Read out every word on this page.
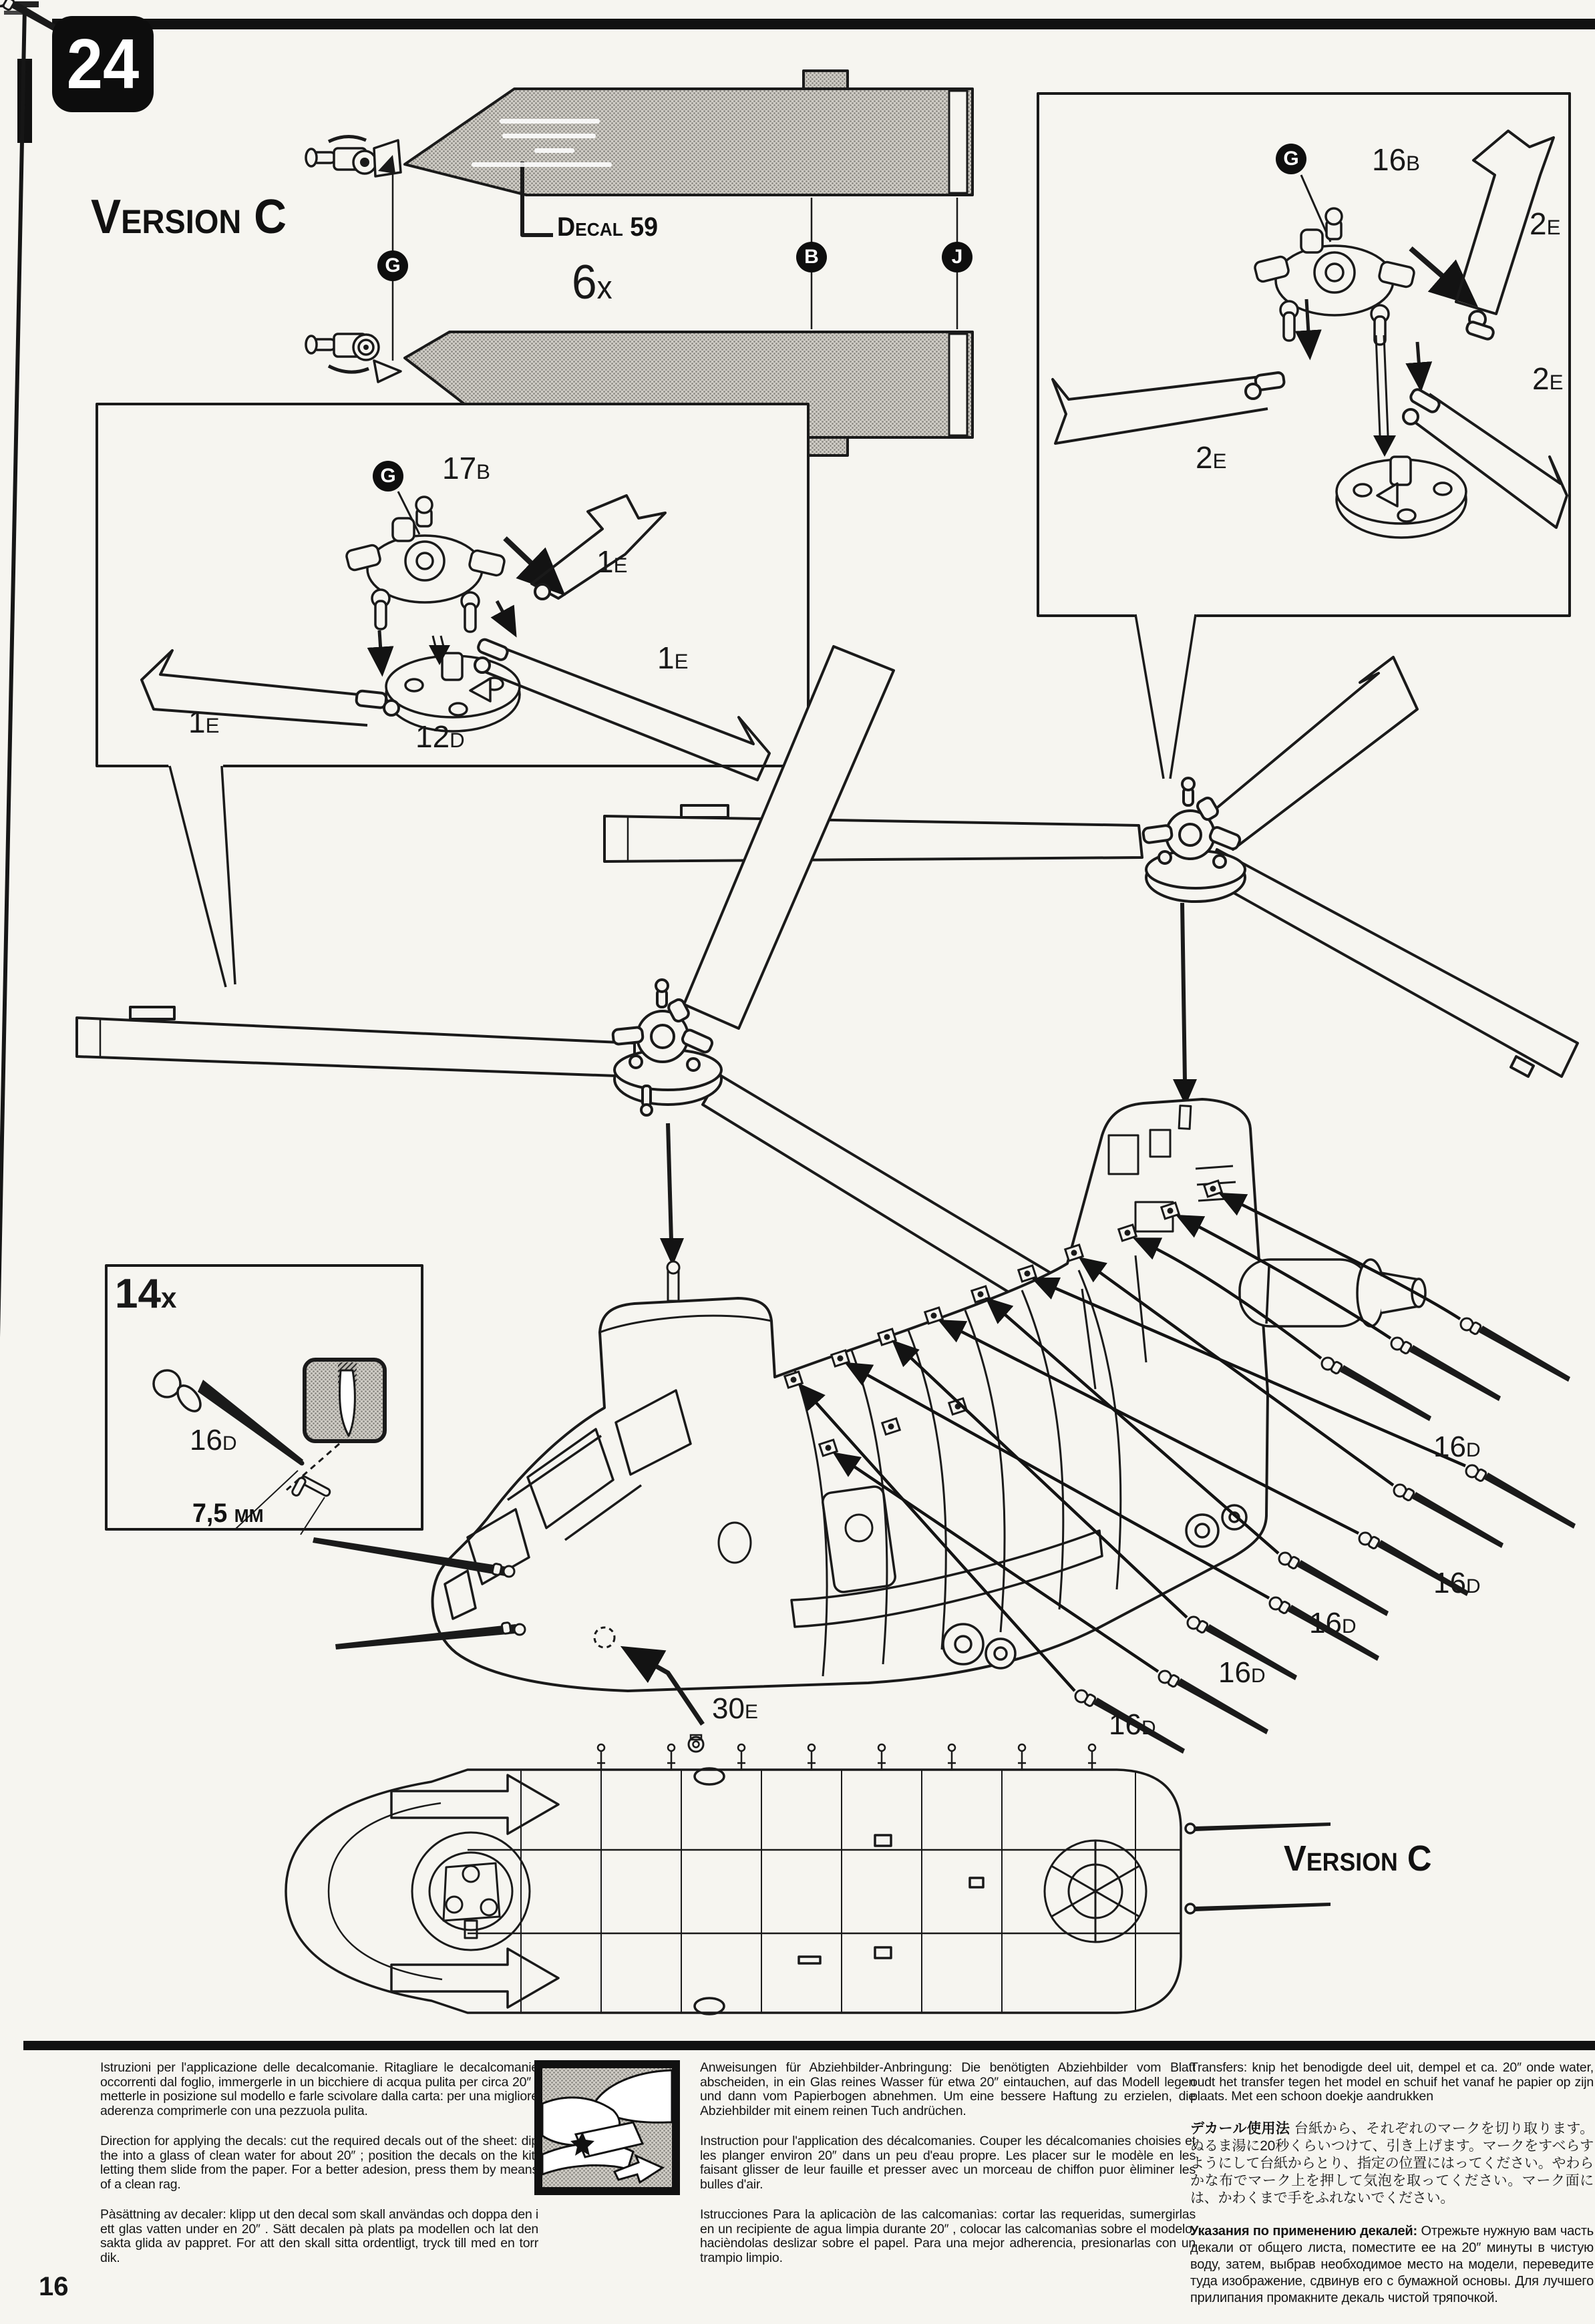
24
Version C	Decal 59
6x
G	B	J
G 16B
2E
2E
2E
G 17B
1E
1E
1E
12D
14x
16D
7,5 mm
16D
16D
16D
16D
16D
30E
Version C

Istruzioni per l'applicazione delle decalcomanie. Ritagliare le decalcomanie occorrenti dal foglio, immergerle in un bicchiere di acqua pulita per circa 20″ , metterle in posizione sul modello e farle scivolare dalla carta: per una migliore aderenza comprimerle con una pezzuola pulita.

Direction for applying the decals: cut the required decals out of the sheet: dip the into a glass of clean water for about 20″ ; position the decals on the kit, letting them slide from the paper. For a better adesion, press them by means of a clean rag.

Pàsättning av decaler: klipp ut den decal som skall användas och doppa den i ett glas vatten under en 20″ . Sätt decalen pà plats pa modellen och lat den sakta glida av pappret. For att den skall sitta ordentligt, tryck till med en torr dik.

Anweisungen für Abziehbilder-Anbringung: Die benötigten Abziehbilder vom Blatt abscheiden, in ein Glas reines Wasser für etwa 20″ eintauchen, auf das Modell legen und dann vom Papierbogen abnehmen. Um eine bessere Haftung zu erzielen, die Abziehbilder mit einem reinen Tuch andrüchen.

Instruction pour l'application des décalcomanies. Couper les décalcomanies choisies et les planger environ 20″ dans un peu d'eau propre. Les placer sur le modèle en les faisant glisser de leur fauille et presser avec un morceau de chiffon puor èliminer les bulles d'air.

Istrucciones Para la aplicaciòn de las calcomanìas: cortar las requeridas, sumergirlas en un recipiente de agua limpia durante 20″ , colocar las calcomanìas sobre el modelo, hacièndolas deslizar sobre el papel. Para una mejor adherencia, presionarlas con un trampio limpio.

Transfers: knip het benodigde deel uit, dempel et ca. 20″ onde water, oudt het transfer tegen het model en schuif het vanaf he papier op zijn plaats. Met een schoon doekje aandrukken

デカール使用法 台紙から、それぞれのマークを切り取ります。ぬるま湯に20秒くらいつけて、引き上げます。マークをすべらすようにして台紙からとり、指定の位置にはってください。やわらかな布でマーク上を押して気泡を取ってください。マーク面には、かわくまで手をふれないでください。

Указания по применению декалей: Отрежьте нужную вам часть декали от общего листа, поместите ее на 20″ минуты в чистую воду, затем, выбрав необходимое место на модели, переведите туда изображение, сдвинув его с бумажной основы. Для лучшего прилипания промакните декаль чистой тряпочкой.

16
